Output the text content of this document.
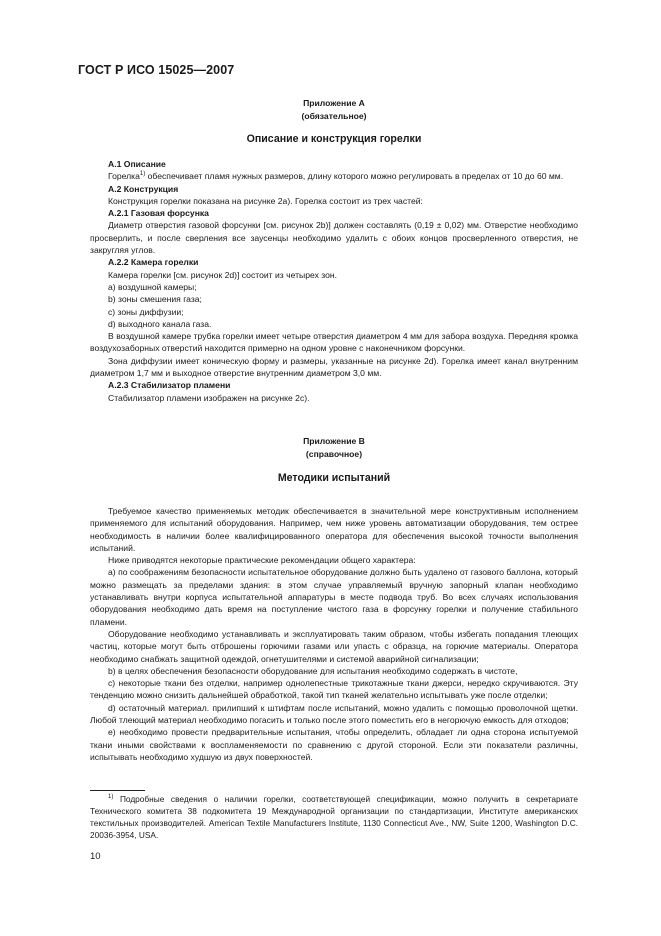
ГОСТ Р ИСО 15025—2007
Приложение А
(обязательное)
Описание и конструкция горелки

А.1 Описание

Горелка$^{1)}$ обеспечивает пламя нужных размеров, длину которого можно регулировать в пределах от 10 до 60 мм.

А.2 Конструкция

Конструкция горелки показана на рисунке 2а). Горелка состоит из трех частей:

А.2.1 Газовая форсунка

Диаметр отверстия газовой форсунки [см. рисунок 2b)] должен составлять (0,19 ± 0,02) мм. Отверстие необходимо просверлить, и после сверления все заусенцы необходимо удалить с обоих концов просверленного отверстия, не закругляя углов.

А.2.2 Камера горелки

Камера горелки [см. рисунок 2d)] состоит из четырех зон.

а) воздушной камеры;

b) зоны смешения газа;

c) зоны диффузии;

d) выходного канала газа.

В воздушной камере трубка горелки имеет четыре отверстия диаметром 4 мм для забора воздуха. Передняя кромка воздухозаборных отверстий находится примерно на одном уровне с наконечником форсунки.

Зона диффузии имеет коническую форму и размеры, указанные на рисунке 2d). Горелка имеет канал внутренним диаметром 1,7 мм и выходное отверстие внутренним диаметром 3,0 мм.

А.2.3 Стабилизатор пламени

Стабилизатор пламени изображен на рисунке 2с).

Приложение В
(справочное)
Методики испытаний

Требуемое качество применяемых методик обеспечивается в значительной мере конструктивным исполнением применяемого для испытаний оборудования. Например, чем ниже уровень автоматизации оборудования, тем острее необходимость в наличии более квалифицированного оператора для обеспечения высокой точности выполнения испытаний.

Ниже приводятся некоторые практические рекомендации общего характера:

а) по соображениям безопасности испытательное оборудование должно быть удалено от газового баллона, который можно размещать за пределами здания: в этом случае управляемый вручную запорный клапан необходимо устанавливать внутри корпуса испытательной аппаратуры в месте подвода труб. Во всех случаях использования оборудования необходимо дать время на поступление чистого газа в форсунку горелки и получение стабильного пламени.

Оборудование необходимо устанавливать и эксплуатировать таким образом, чтобы избегать попадания тлеющих частиц, которые могут быть отброшены горючими газами или упасть с образца, на горючие материалы. Оператора необходимо снабжать защитной одеждой, огнетушителями и системой аварийной сигнализации;

b) в целях обеспечения безопасности оборудование для испытания необходимо содержать в чистоте,

c) некоторые ткани без отделки, например однолепестные трикотажные ткани джерси, нередко скручиваются. Эту тенденцию можно снизить дальнейшей обработкой, такой тип тканей желательно испытывать уже после отделки;

d) остаточный материал. прилипший к штифтам после испытаний, можно удалить с помощью проволочной щетки. Любой тлеющий материал необходимо погасить и только после этого поместить его в негорючую емкость для отходов;

е) необходимо провести предварительные испытания, чтобы определить, обладает ли одна сторона испытуемой ткани иными свойствами к воспламеняемости по сравнению с другой стороной. Если эти показатели различны, испытывать необходимо худшую из двух поверхностей.

$^{1)}$ Подробные сведения о наличии горелки, соответствующей спецификации, можно получить в секретариате Технического комитета 38 подкомитета 19 Международной организации по стандартизации, Институте американских текстильных производителей. American Textile Manufacturers Institute, 1130 Connecticut Ave., NW, Suite 1200, Washington D.C. 20036-3954, USA.

10
